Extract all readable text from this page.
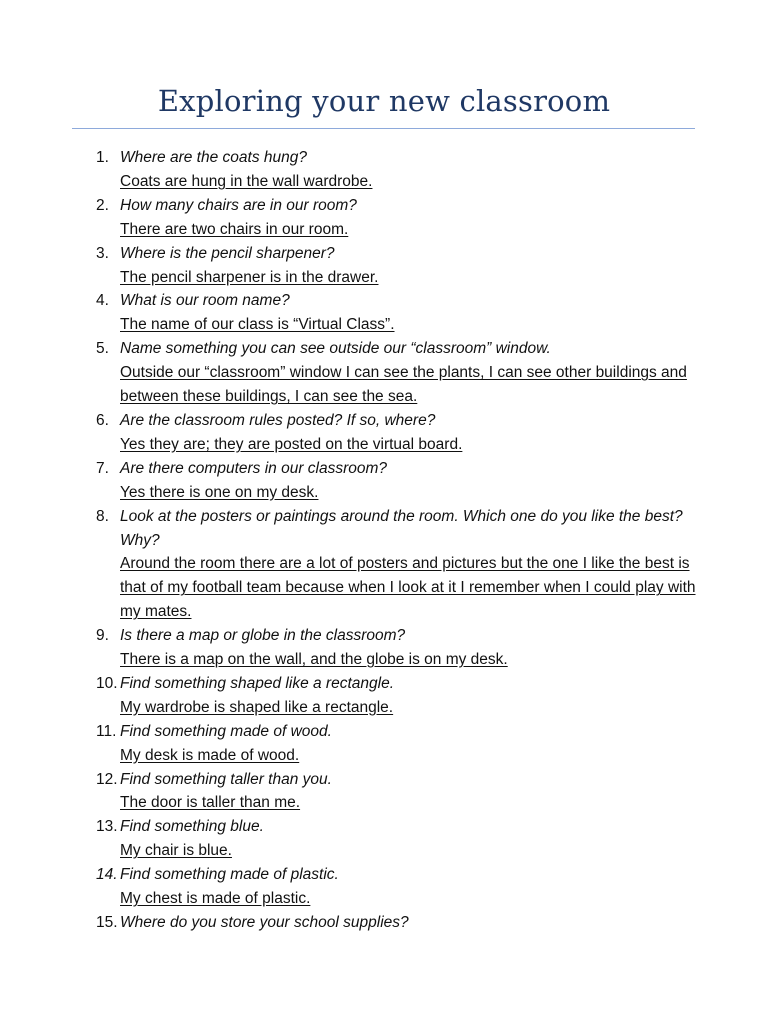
Exploring your new classroom
1. Where are the coats hung?
Coats are hung in the wall wardrobe.
2. How many chairs are in our room?
There are two chairs in our room.
3. Where is the pencil sharpener?
The pencil sharpener is in the drawer.
4. What is our room name?
The name of our class is “Virtual Class”.
5. Name something you can see outside our “classroom” window.
Outside our “classroom” window I can see the plants, I can see other buildings and between these buildings, I can see the sea.
6. Are the classroom rules posted? If so, where?
Yes they are; they are posted on the virtual board.
7. Are there computers in our classroom?
Yes there is one on my desk.
8. Look at the posters or paintings around the room. Which one do you like the best? Why?
Around the room there are a lot of posters and pictures but the one I like the best is that of my football team because when I look at it I remember when I could play with my mates.
9. Is there a map or globe in the classroom?
There is a map on the wall, and the globe is on my desk.
10. Find something shaped like a rectangle.
My wardrobe is shaped like a rectangle.
11. Find something made of wood.
My desk is made of wood.
12. Find something taller than you.
The door is taller than me.
13. Find something blue.
My chair is blue.
14. Find something made of plastic.
My chest is made of plastic.
15. Where do you store your school supplies?
